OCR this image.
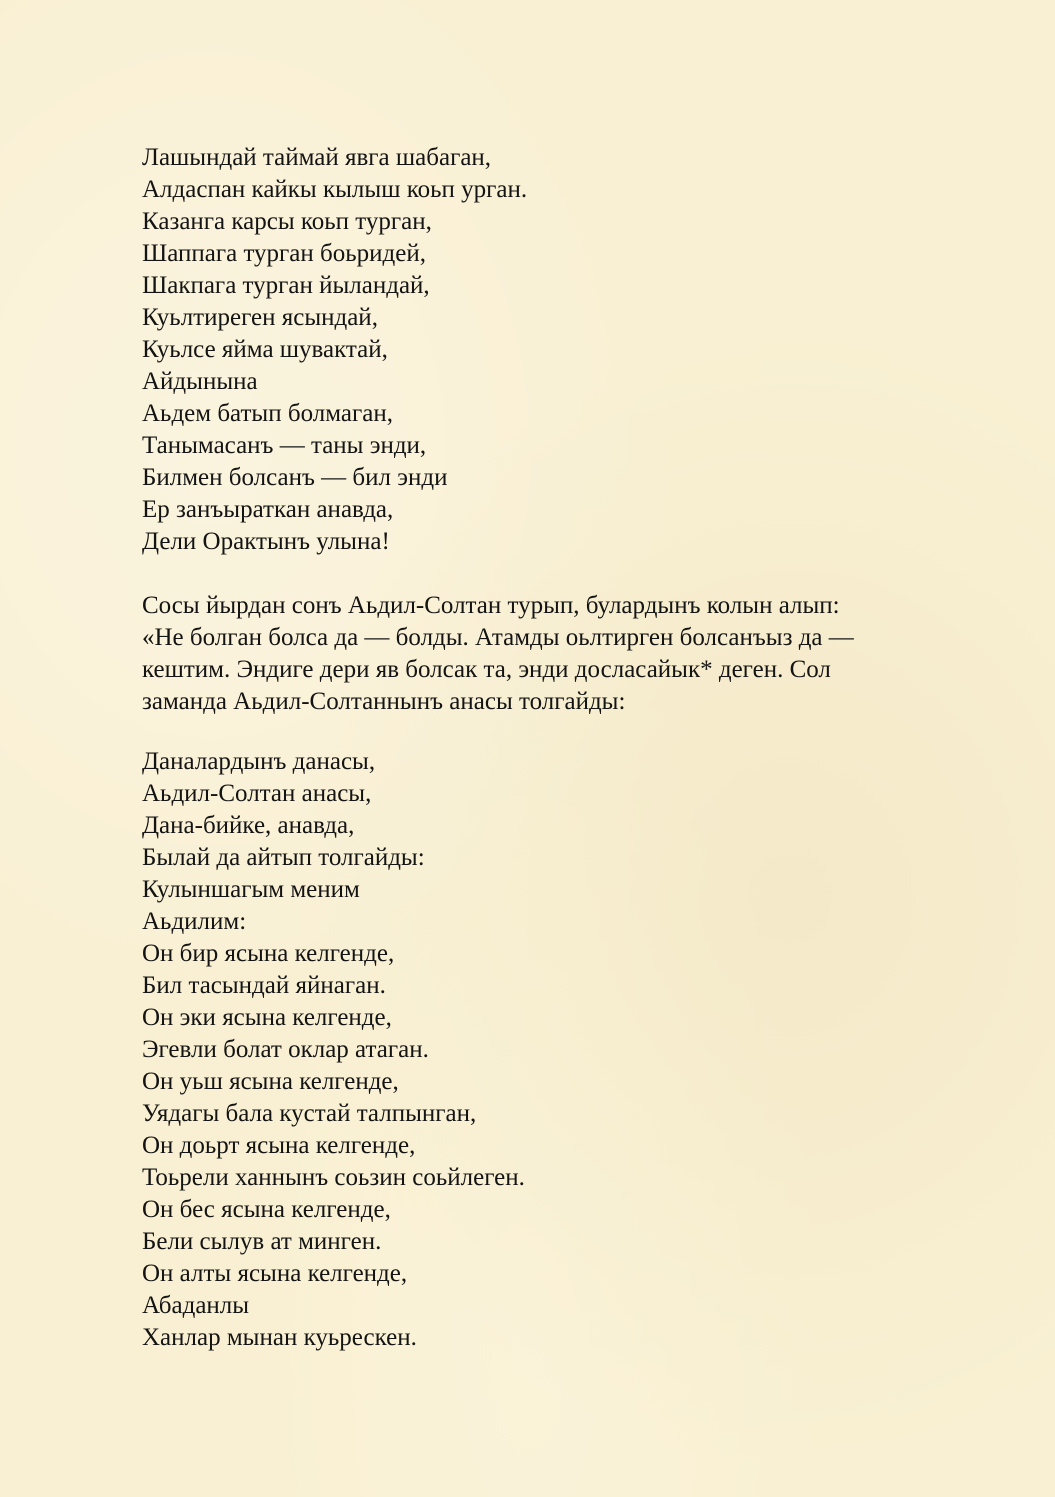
Лашындай таймай явга шабаган,
Алдаспан кайкы кылыш коьп урган.
Казанга карсы коьп турган,
Шаппага турган боьридей,
Шакпага турган йыландай,
Куьлтиреген ясындай,
Куьлсе яйма шувактай,
Айдынына
Аьдем батып болмаган,
Танымасанъ — таны энди,
Билмен болсанъ — бил энди
Ер занъыраткан анавда,
Дели Орактынъ улына!
Сосы йырдан сонъ Аьдил-Солтан турып, булардынъ колын алып:
«Не болган болса да — болды. Атамды оьлтирген болсанъыз да —
кештим. Эндиге дери яв болсак та, энди досласайык* деген. Сол
заманда Аьдил-Солтаннынъ анасы толгайды:
Даналардынъ данасы,
Аьдил-Солтан анасы,
Дана-бийке, анавда,
Былай да айтып толгайды:
Кулыншагым меним
Аьдилим:
Он бир ясына келгенде,
Бил тасындай яйнаган.
Он эки ясына келгенде,
Эгевли болат оклар атаган.
Он уьш ясына келгенде,
Уядагы бала кустай талпынган,
Он доьрт ясына келгенде,
Тоьрели ханнынъ соьзин соьйлеген.
Он бес ясына келгенде,
Бели сылув ат минген.
Он алты ясына келгенде,
Абаданлы
Ханлар мынан куьрескен.
